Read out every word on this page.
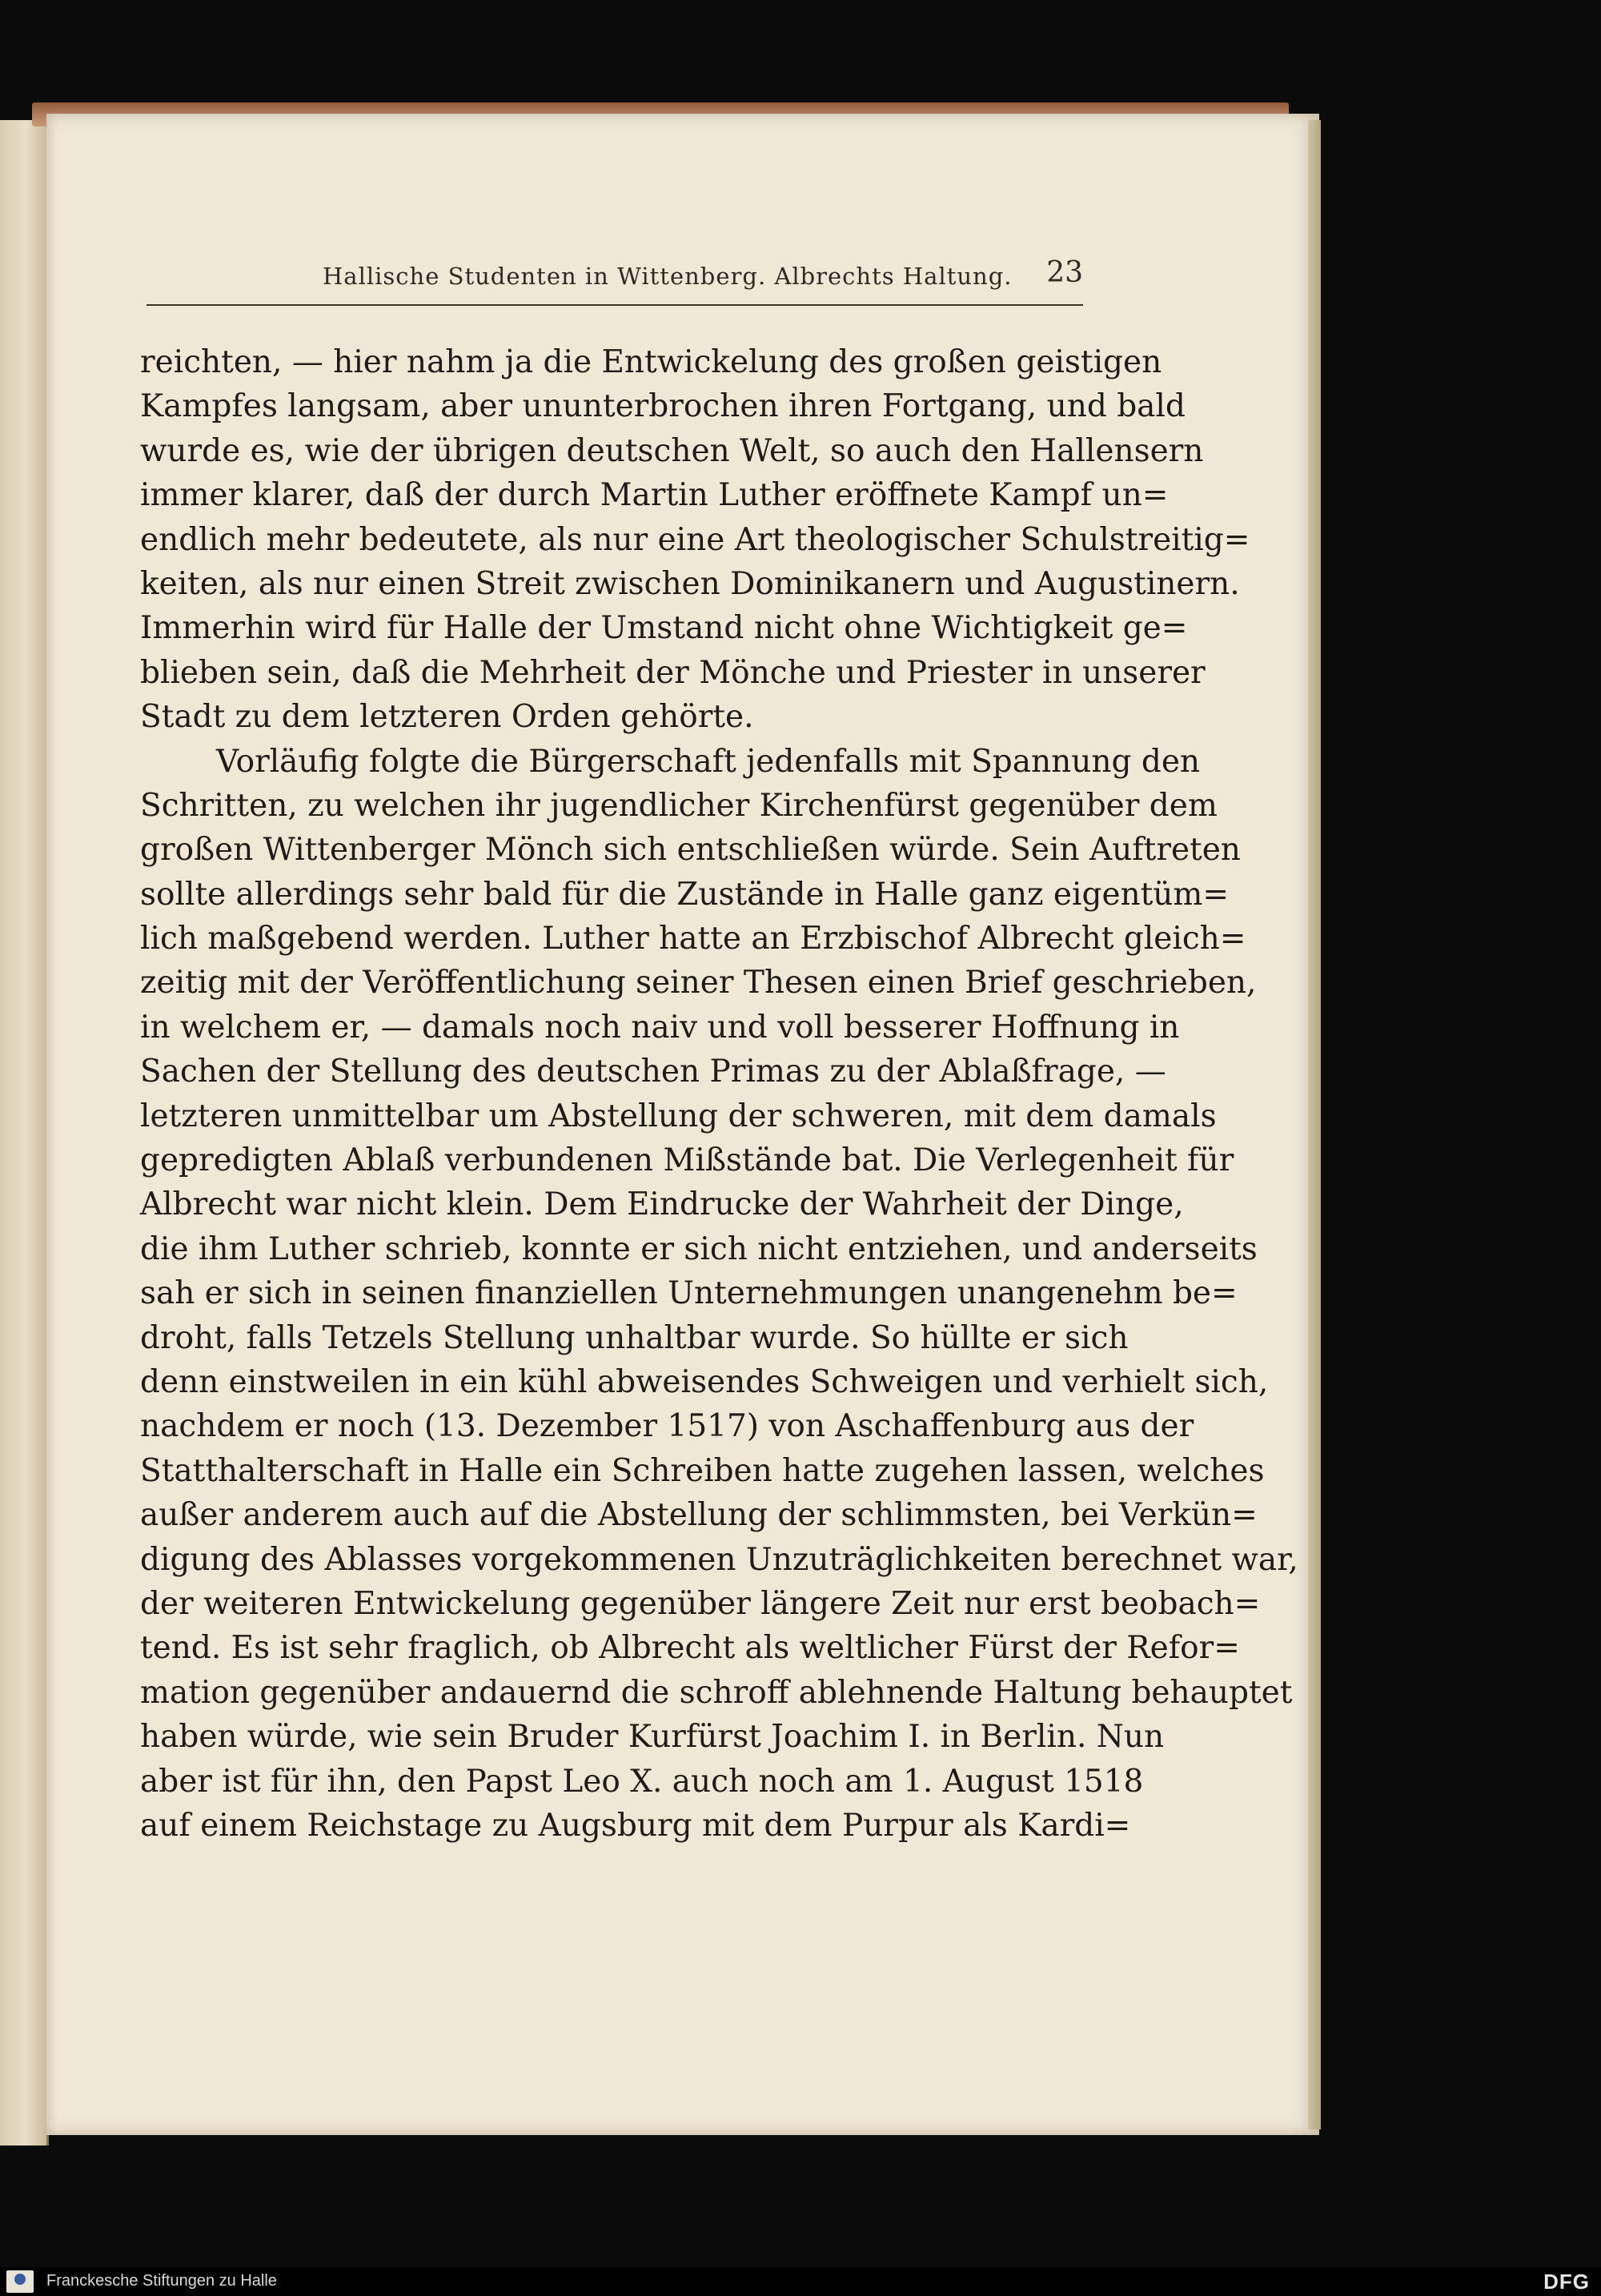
Hallische Studenten in Wittenberg. Albrechts Haltung. 23
reichten, — hier nahm ja die Entwickelung des großen geistigen
Kampfes langsam, aber ununterbrochen ihren Fortgang, und bald
wurde es, wie der übrigen deutschen Welt, so auch den Hallensern
immer klarer, daß der durch Martin Luther eröffnete Kampf un=
endlich mehr bedeutete, als nur eine Art theologischer Schulstreitig=
keiten, als nur einen Streit zwischen Dominikanern und Augustinern.
Immerhin wird für Halle der Umstand nicht ohne Wichtigkeit ge=
blieben sein, daß die Mehrheit der Mönche und Priester in unserer
Stadt zu dem letzteren Orden gehörte.
Vorläufig folgte die Bürgerschaft jedenfalls mit Spannung den
Schritten, zu welchen ihr jugendlicher Kirchenfürst gegenüber dem
großen Wittenberger Mönch sich entschließen würde. Sein Auftreten
sollte allerdings sehr bald für die Zustände in Halle ganz eigentüm=
lich maßgebend werden. Luther hatte an Erzbischof Albrecht gleich=
zeitig mit der Veröffentlichung seiner Thesen einen Brief geschrieben,
in welchem er, — damals noch naiv und voll besserer Hoffnung in
Sachen der Stellung des deutschen Primas zu der Ablaßfrage, —
letzteren unmittelbar um Abstellung der schweren, mit dem damals
gepredigten Ablaß verbundenen Mißstände bat. Die Verlegenheit für
Albrecht war nicht klein. Dem Eindrucke der Wahrheit der Dinge,
die ihm Luther schrieb, konnte er sich nicht entziehen, und anderseits
sah er sich in seinen finanziellen Unternehmungen unangenehm be=
droht, falls Tetzels Stellung unhaltbar wurde. So hüllte er sich
denn einstweilen in ein kühl abweisendes Schweigen und verhielt sich,
nachdem er noch (13. Dezember 1517) von Aschaffenburg aus der
Statthalterschaft in Halle ein Schreiben hatte zugehen lassen, welches
außer anderem auch auf die Abstellung der schlimmsten, bei Verkün=
digung des Ablasses vorgekommenen Unzuträglichkeiten berechnet war,
der weiteren Entwickelung gegenüber längere Zeit nur erst beobach=
tend. Es ist sehr fraglich, ob Albrecht als weltlicher Fürst der Refor=
mation gegenüber andauernd die schroff ablehnende Haltung behauptet
haben würde, wie sein Bruder Kurfürst Joachim I. in Berlin. Nun
aber ist für ihn, den Papst Leo X. auch noch am 1. August 1518
auf einem Reichstage zu Augsburg mit dem Purpur als Kardi=
Franckesche Stiftungen zu Halle	DFG
